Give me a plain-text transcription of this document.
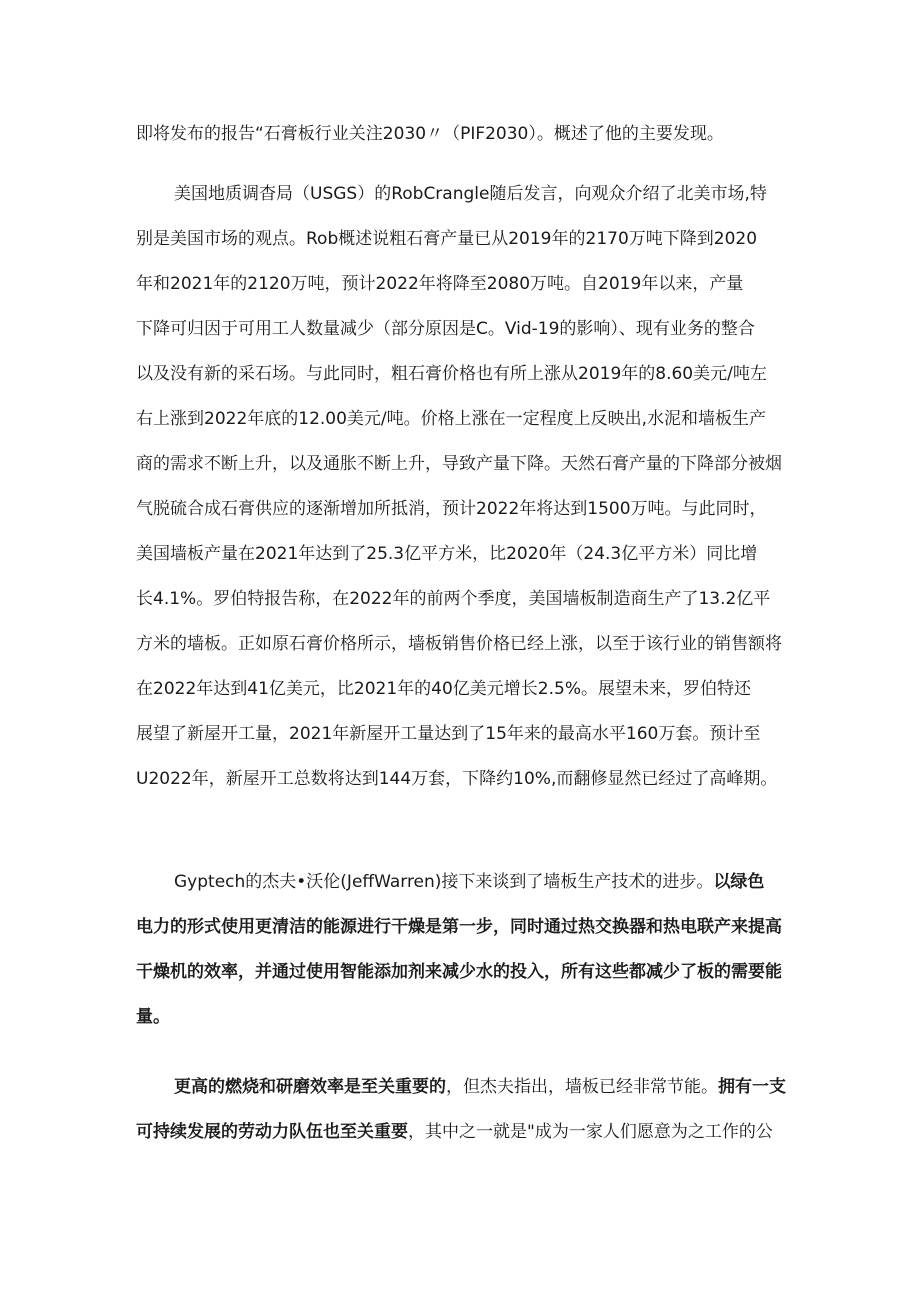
即将发布的报告“石膏板行业关注2030〃（PIF2030）。概述了他的主要发现。
美国地质调杳局（USGS）的RobCrangle随后发言，向观众介绍了北美市场,特
别是美国市场的观点。Rob概述说粗石膏产量已从2019年的2170万吨下降到2020
年和2021年的2120万吨，预计2022年将降至2080万吨。自2019年以来，产量
下降可归因于可用工人数量减少（部分原因是C。Vid-19的影响）、现有业务的整合
以及没有新的采石场。与此同时，粗石膏价格也有所上涨从2019年的8.60美元/吨左
右上涨到2022年底的12.00美元/吨。价格上涨在一定程度上反映出,水泥和墙板生产
商的需求不断上升，以及通胀不断上升，导致产量下降。天然石膏产量的下降部分被烟
气脱硫合成石膏供应的逐渐增加所抵消，预计2022年将达到1500万吨。与此同时，
美国墙板产量在2021年达到了25.3亿平方米，比2020年（24.3亿平方米）同比增
长4.1%。罗伯特报告称，在2022年的前两个季度，美国墙板制造商生产了13.2亿平
方米的墙板。正如原石膏价格所示，墙板销售价格已经上涨，以至于该行业的销售额将
在2022年达到41亿美元，比2021年的40亿美元增长2.5%。展望未来，罗伯特还
展望了新屋开工量，2021年新屋开工量达到了15年来的最高水平160万套。预计至
U2022年，新屋开工总数将达到144万套，下降约10%,而翻修显然已经过了高峰期。
Gyptech的杰夫•沃伦(JeffWarren)接下来谈到了墙板生产技术的进步。以绿色
电力的形式使用更清洁的能源进行干燥是第一步，同时通过热交换器和热电联产来提高
干燥机的效率，并通过使用智能添加剂来减少水的投入，所有这些都减少了板的需要能
量。
更高的燃烧和研磨效率是至关重要的，但杰夫指出，墙板已经非常节能。拥有一支
可持续发展的劳动力队伍也至关重要，其中之一就是"成为一家人们愿意为之工作的公
